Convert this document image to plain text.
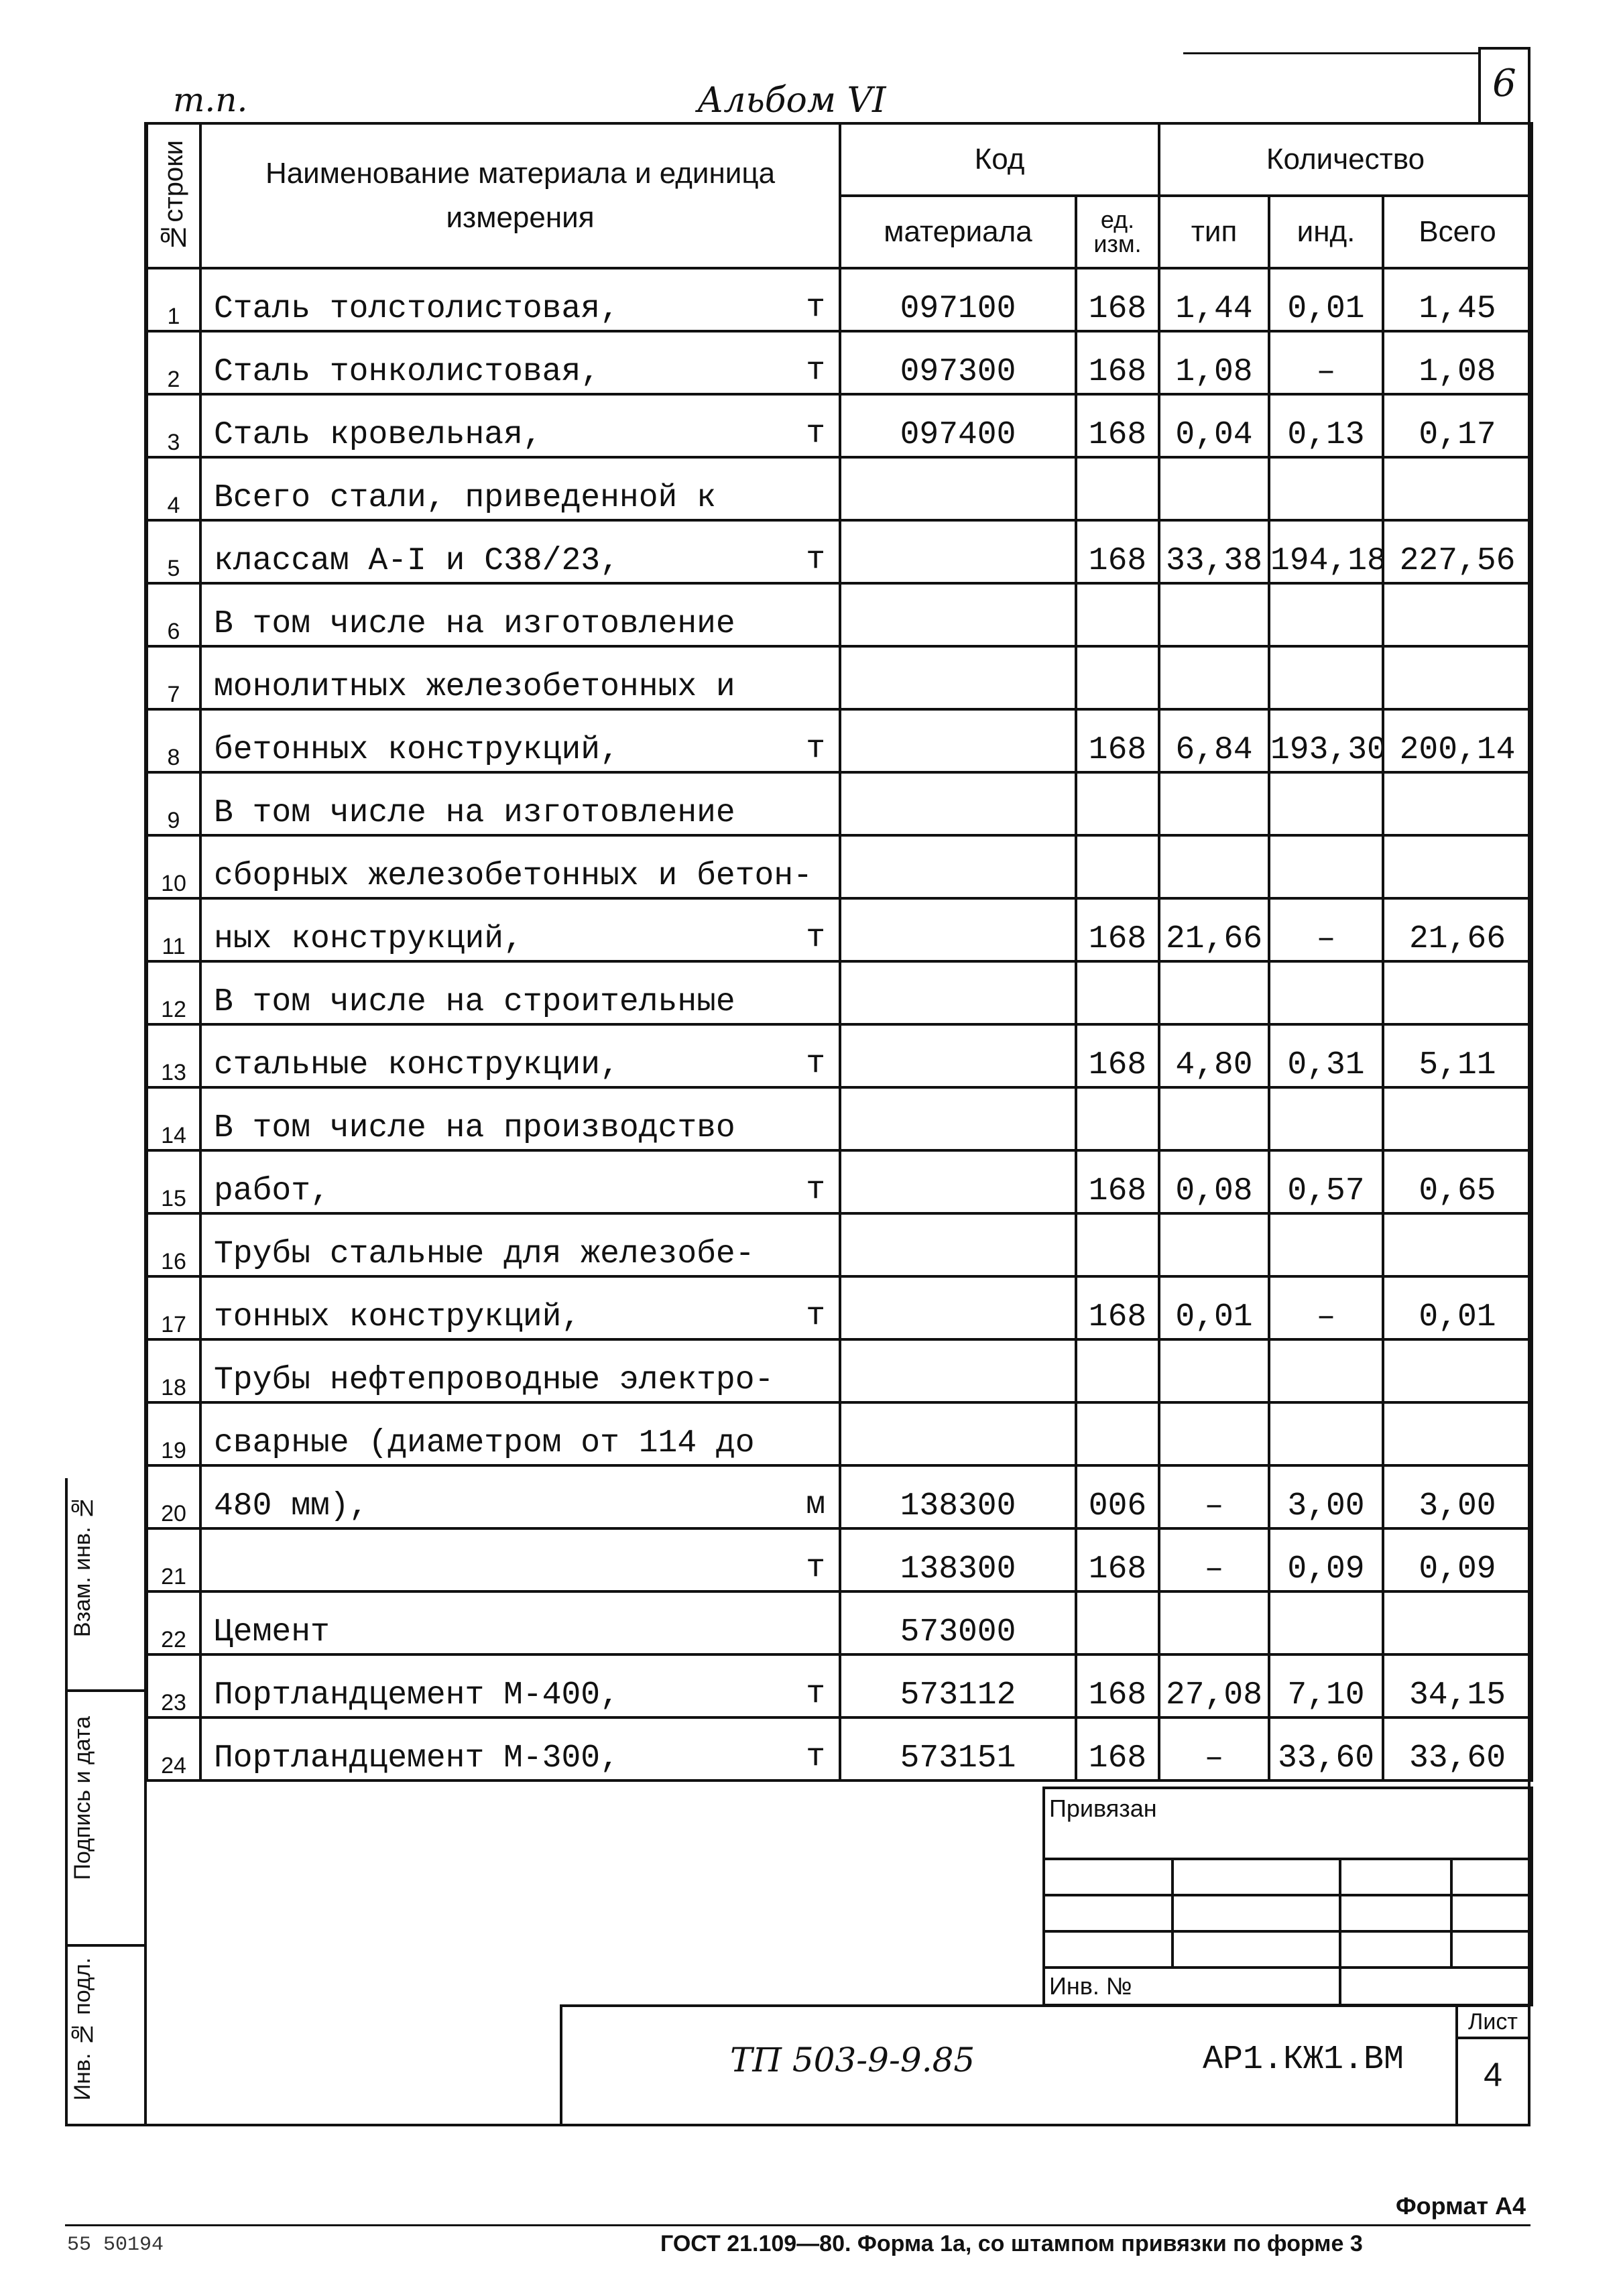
т.п.	Альбом VI	6
№строки	Наименование материала и единица измерения	Код		Количество		
		материала	ед. изм.	тип	инд.	Всего
1	Сталь толстолистовая, т	097100	168	1,44	0,01	1,45
2	Сталь тонколистовая, т	097300	168	1,08	–	1,08
3	Сталь кровельная, т	097400	168	0,04	0,13	0,17
4	Всего стали, приведенной к

5	классам А-I и С38/23, т		168	33,38	194,18	227,56
6	В том числе на изготовление

7	монолитных железобетонных и

8	бетонных конструкций, т		168	6,84	193,30	200,14
9	В том числе на изготовление

10	сборных железобетонных и бетон-

11	ных конструкций, т		168	21,66	–	21,66
12	В том числе на строительные

13	стальные конструкции, т		168	4,80	0,31	5,11
14	В том числе на производство

15	работ, т		168	0,08	0,57	0,65
16	Трубы стальные для железобе-

17	тонных конструкций, т		168	0,01	–	0,01
18	Трубы нефтепроводные электро-

19	сварные (диаметром от 114 до

20	480 мм), м	138300	006	–	3,00	3,00
21	т	138300	168	–	0,09	0,09
22	Цемент	573000				
23	Портландцемент М-400, т	573112	168	27,08	7,10	34,15
24	Портландцемент М-300, т	573151	168	–	33,60	33,60
Взам. инв. №
Подпись и дата
Инв. № подл.
Привязан			

Инв. №			
ТП 503-9-9.85	АР1.КЖ1.ВМ
Лист
4
Формат А4
55 50194	ГОСТ 21.109—80. Форма 1а, со штампом привязки по форме 3
